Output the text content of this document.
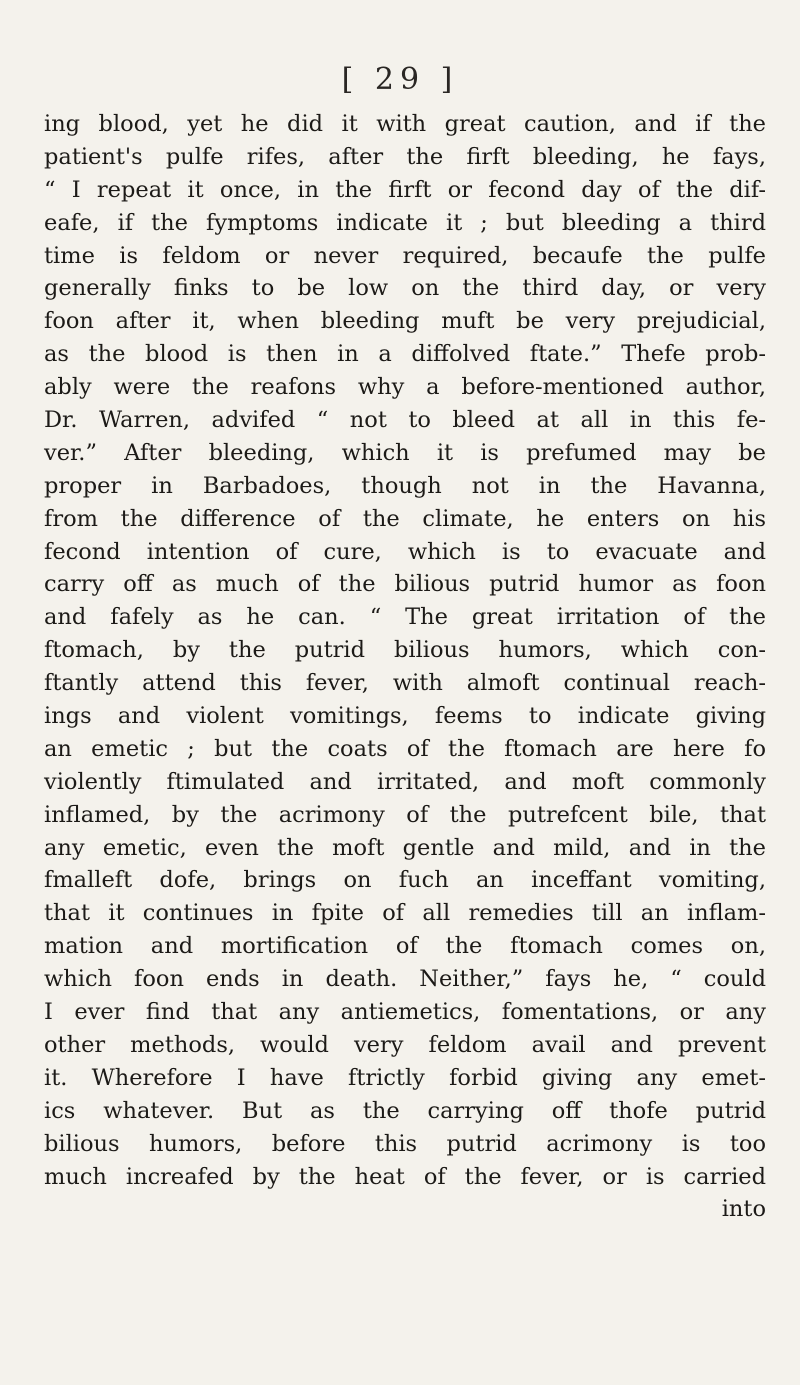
[ 29 ]
ing blood, yet he did it with great caution, and if the
patient's pulfe rifes, after the firft bleeding, he fays,
“ I repeat it once, in the firft or fecond day of the dif-
eafe, if the fymptoms indicate it ; but bleeding a third
time is feldom or never required, becaufe the pulfe
generally finks to be low on the third day, or very
foon after it, when bleeding muft be very prejudicial,
as the blood is then in a diffolved ftate.” Thefe prob-
ably were the reafons why a before-mentioned author,
Dr. Warren, advifed “ not to bleed at all in this fe-
ver.” After bleeding, which it is prefumed may be
proper in Barbadoes, though not in the Havanna,
from the difference of the climate, he enters on his
fecond intention of cure, which is to evacuate and
carry off as much of the bilious putrid humor as foon
and fafely as he can. “ The great irritation of the
ftomach, by the putrid bilious humors, which con-
ftantly attend this fever, with almoft continual reach-
ings and violent vomitings, feems to indicate giving
an emetic ; but the coats of the ftomach are here fo
violently ftimulated and irritated, and moft commonly
inflamed, by the acrimony of the putrefcent bile, that
any emetic, even the moft gentle and mild, and in the
fmalleft dofe, brings on fuch an inceffant vomiting,
that it continues in fpite of all remedies till an inflam-
mation and mortification of the ftomach comes on,
which foon ends in death. Neither,” fays he, “ could
I ever find that any antiemetics, fomentations, or any
other methods, would very feldom avail and prevent
it. Wherefore I have ftrictly forbid giving any emet-
ics whatever. But as the carrying off thofe putrid
bilious humors, before this putrid acrimony is too
much increafed by the heat of the fever, or is carried
into
